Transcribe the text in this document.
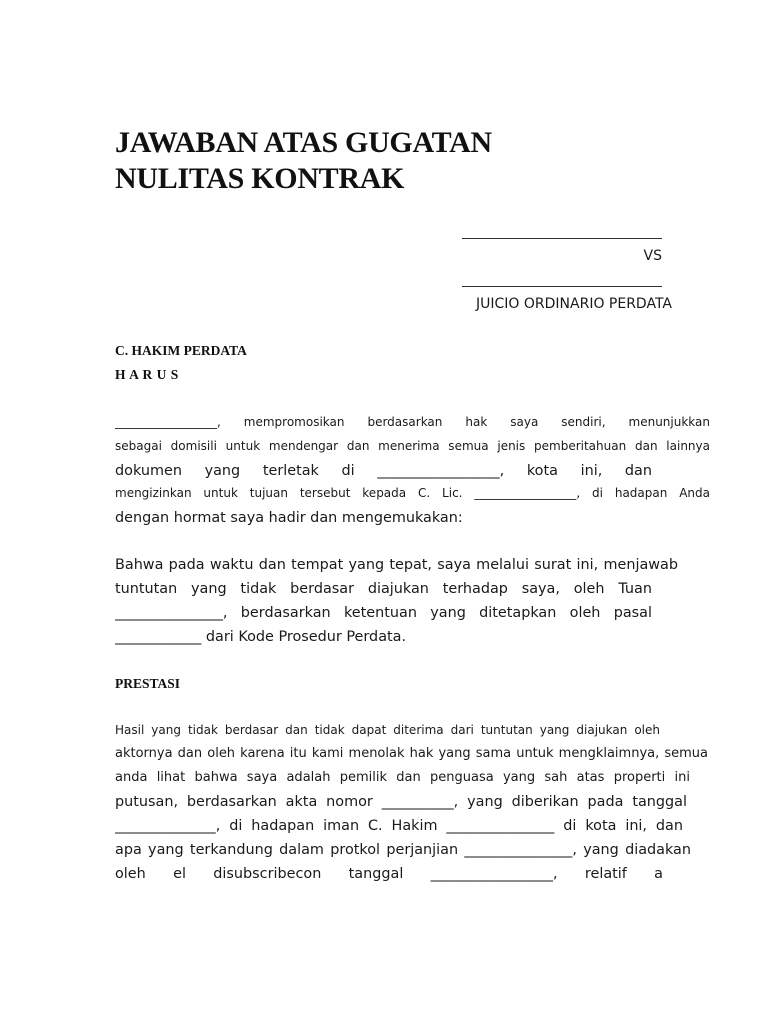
JAWABAN ATAS GUGATAN
NULITAS KONTRAK
VS
JUICIO ORDINARIO PERDATA
C. HAKIM PERDATA
H A R U S
_________________, mempromosikan berdasarkan hak saya sendiri, menunjukkan
sebagai domisili untuk mendengar dan menerima semua jenis pemberitahuan dan lainnya
dokumen yang terletak di _________________, kota ini, dan
mengizinkan untuk tujuan tersebut kepada C. Lic. _________________, di hadapan Anda
dengan hormat saya hadir dan mengemukakan:
Bahwa pada waktu dan tempat yang tepat, saya melalui surat ini, menjawab
tuntutan yang tidak berdasar diajukan terhadap saya, oleh Tuan
_______________, berdasarkan ketentuan yang ditetapkan oleh pasal
____________ dari Kode Prosedur Perdata.
PRESTASI
Hasil yang tidak berdasar dan tidak dapat diterima dari tuntutan yang diajukan oleh
aktornya dan oleh karena itu kami menolak hak yang sama untuk mengklaimnya, semua
anda lihat bahwa saya adalah pemilik dan penguasa yang sah atas properti ini
putusan, berdasarkan akta nomor __________, yang diberikan pada tanggal
______________, di hadapan iman C. Hakim _______________ di kota ini, dan
apa yang terkandung dalam protkol perjanjian _______________, yang diadakan
oleh el disubscribecon tanggal _________________, relatif a
